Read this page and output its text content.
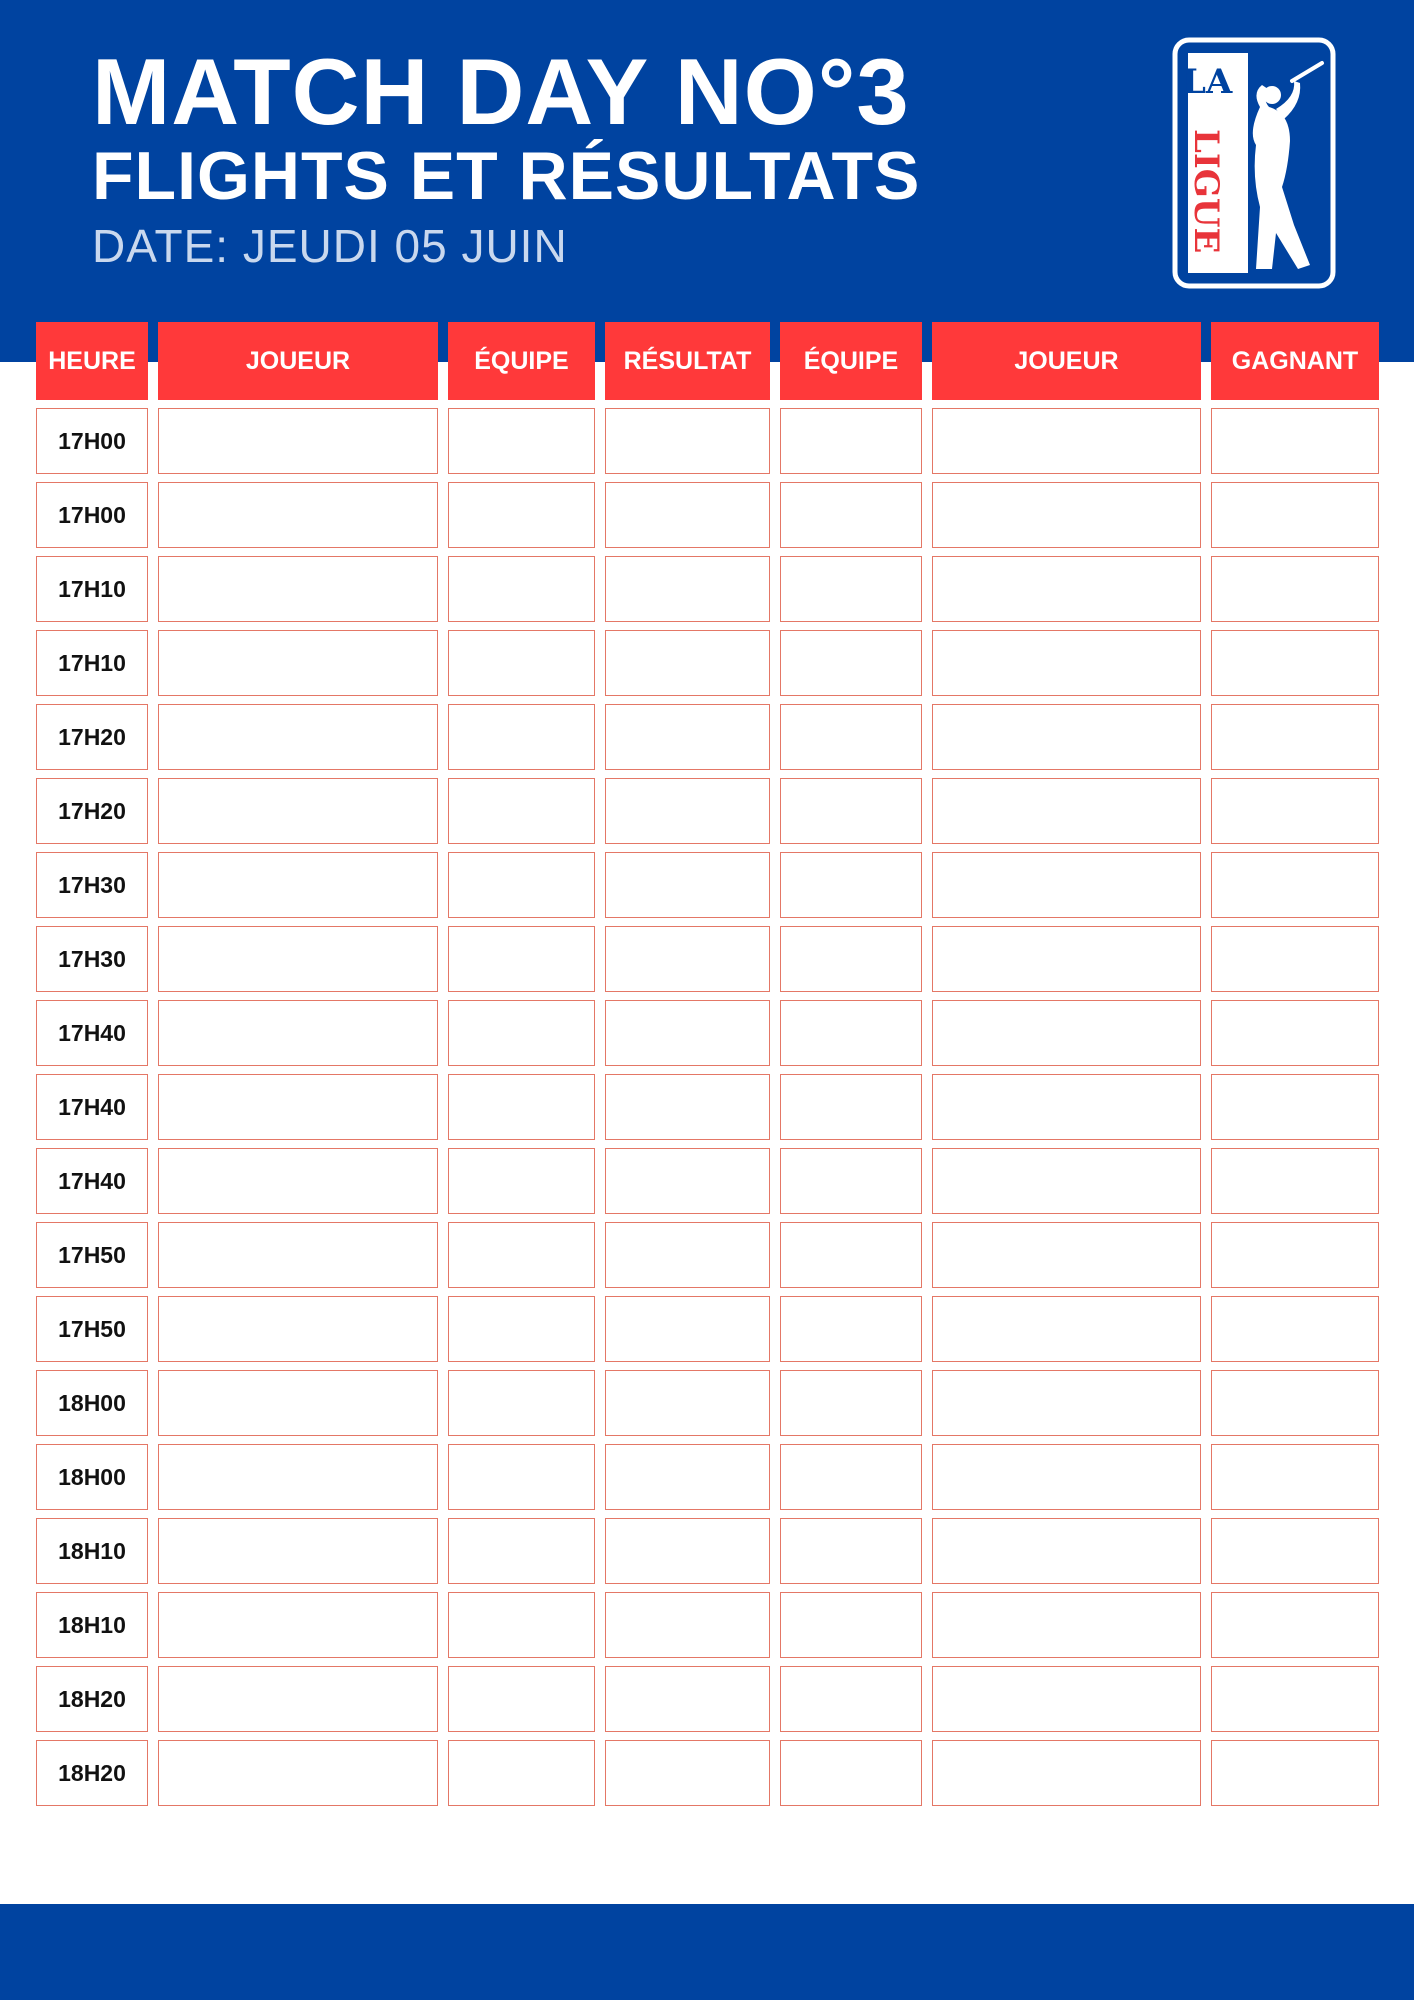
MATCH DAY NO°3
FLIGHTS ET RÉSULTATS

DATE: JEUDI 05 JUIN

LA
LIGUE
HEURE	JOUEUR	ÉQUIPE	RÉSULTAT	ÉQUIPE	JOUEUR	GAGNANT
17H00						
17H00						
17H10						
17H10						
17H20						
17H20						
17H30						
17H30						
17H40						
17H40						
17H40						
17H50						
17H50						
18H00						
18H00						
18H10						
18H10						
18H20						
18H20						
